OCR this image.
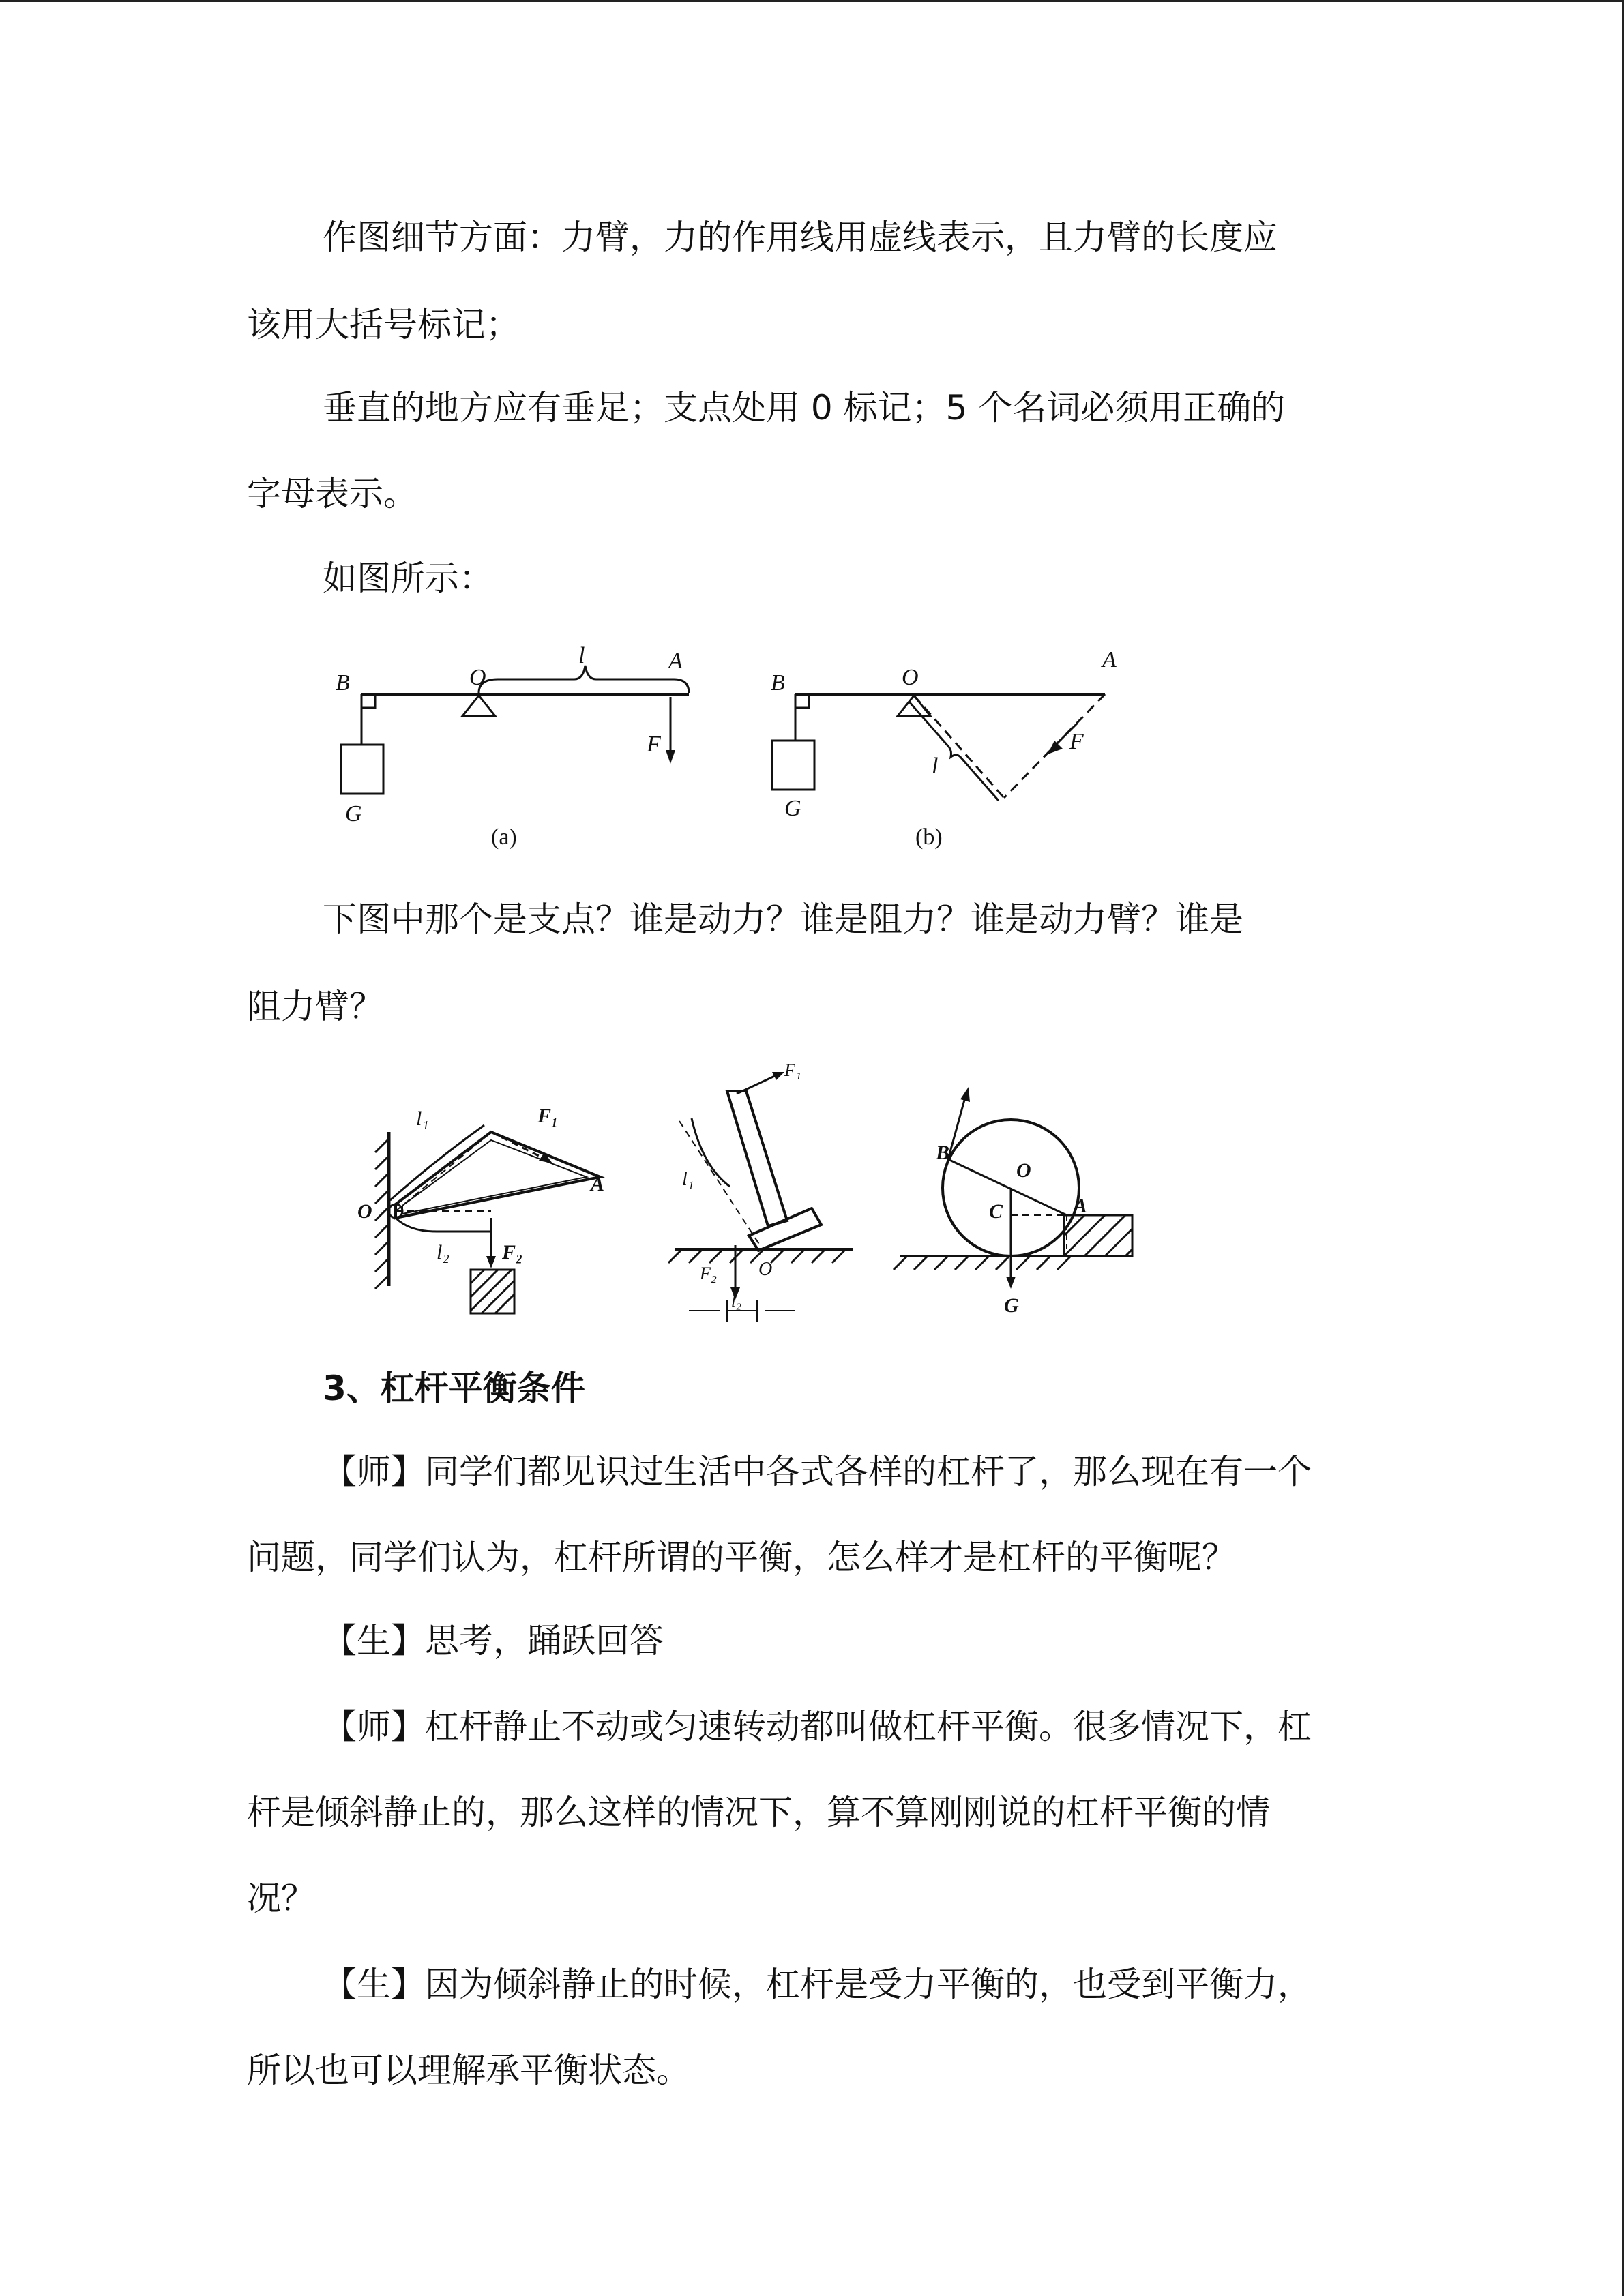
作图细节方面：力臂，力的作用线用虚线表示，且力臂的长度应
该用大括号标记；
垂直的地方应有垂足；支点处用 0 标记；5 个名词必须用正确的
字母表示。
如图所示：
B	O
l	A
F
G
(a)
B	O
A
l
F
G
(b)
下图中那个是支点？谁是动力？谁是阻力？谁是动力臂？谁是
阻力臂？
l₁	F₁
O
A
l₂	F₂
F₁
l₁
F₂ O
l₂
B
O
C	A
G
3、杠杆平衡条件
【师】同学们都见识过生活中各式各样的杠杆了，那么现在有一个
问题，同学们认为，杠杆所谓的平衡，怎么样才是杠杆的平衡呢？
【生】思考，踊跃回答
【师】杠杆静止不动或匀速转动都叫做杠杆平衡。很多情况下，杠
杆是倾斜静止的，那么这样的情况下，算不算刚刚说的杠杆平衡的情
况？
【生】因为倾斜静止的时候，杠杆是受力平衡的，也受到平衡力，
所以也可以理解承平衡状态。
